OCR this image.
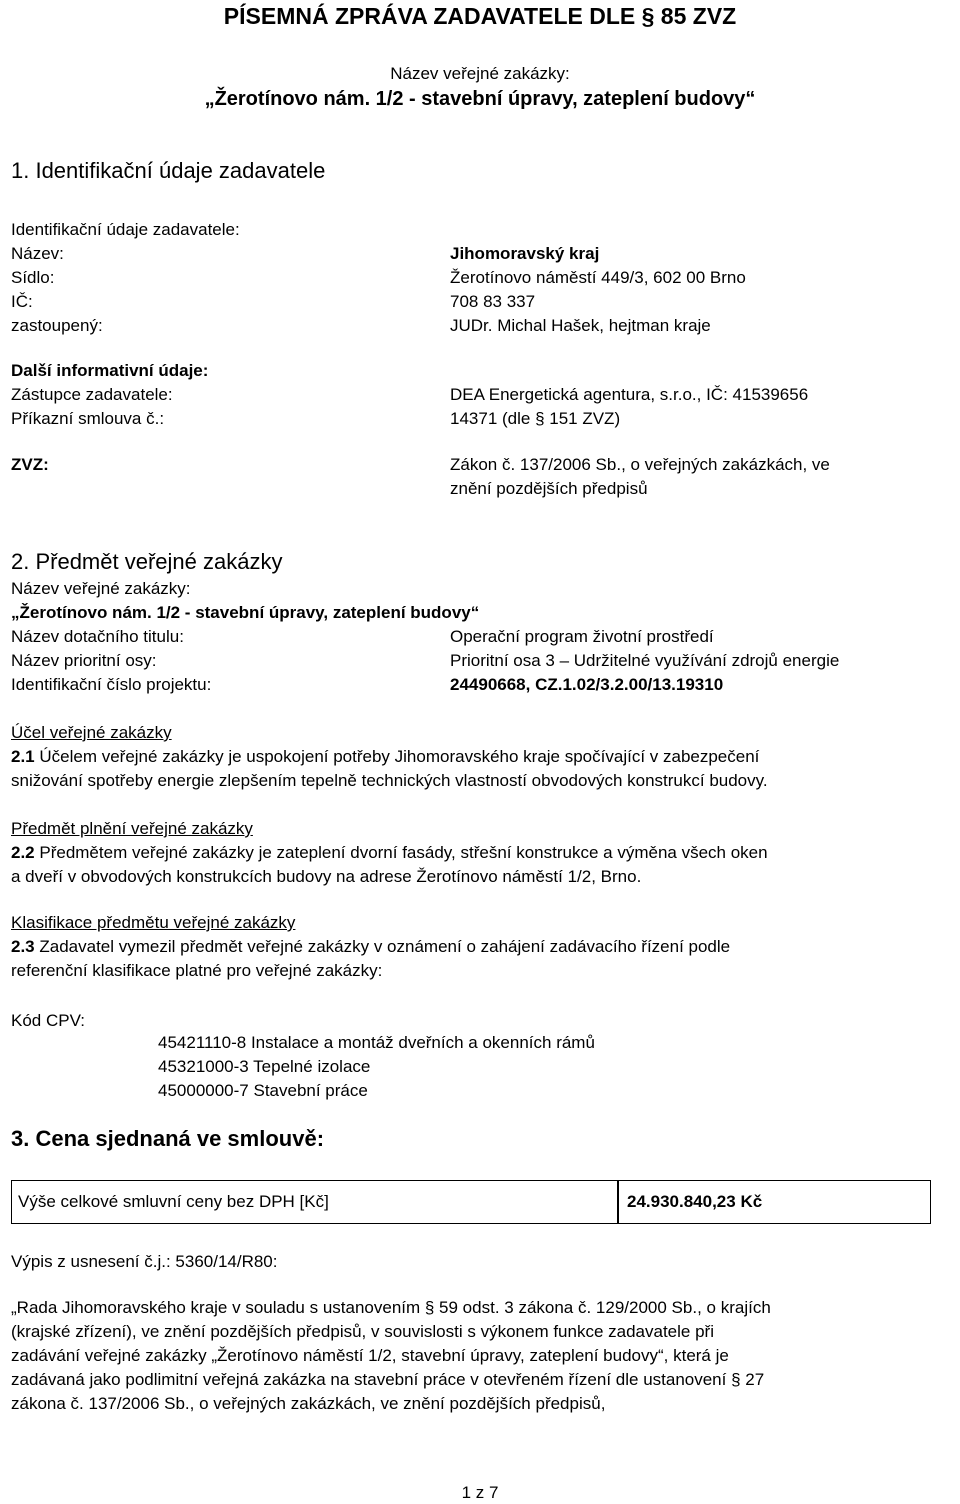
PÍSEMNÁ ZPRÁVA ZADAVATELE DLE § 85 ZVZ
Název veřejné zakázky:
„Žerotínovo nám. 1/2 - stavební úpravy, zateplení budovy“
1. Identifikační údaje zadavatele
Identifikační údaje zadavatele:
Název:	Jihomoravský kraj
Sídlo:	Žerotínovo náměstí 449/3, 602 00 Brno
IČ:	708 83 337
zastoupený:	JUDr. Michal Hašek, hejtman kraje
Další informativní údaje:
Zástupce zadavatele:	DEA Energetická agentura, s.r.o., IČ: 41539656
Příkazní smlouva č.:	14371 (dle § 151 ZVZ)
ZVZ:	Zákon č. 137/2006 Sb., o veřejných zakázkách, ve
znění pozdějších předpisů
2. Předmět veřejné zakázky
Název veřejné zakázky:
„Žerotínovo nám. 1/2 - stavební úpravy, zateplení budovy“
Název dotačního titulu:	Operační program životní prostředí
Název prioritní osy:	Prioritní osa 3 – Udržitelné využívání zdrojů energie
Identifikační číslo projektu:	24490668, CZ.1.02/3.2.00/13.19310
Účel veřejné zakázky
2.1 Účelem veřejné zakázky je uspokojení potřeby Jihomoravského kraje spočívající v zabezpečení
snižování spotřeby energie zlepšením tepelně technických vlastností obvodových konstrukcí budovy.
Předmět plnění veřejné zakázky
2.2 Předmětem veřejné zakázky je zateplení dvorní fasády, střešní konstrukce a výměna všech oken
a dveří v obvodových konstrukcích budovy na adrese Žerotínovo náměstí 1/2, Brno.
Klasifikace předmětu veřejné zakázky
2.3 Zadavatel vymezil předmět veřejné zakázky v oznámení o zahájení zadávacího řízení podle
referenční klasifikace platné pro veřejné zakázky:
Kód CPV:
45421110-8 Instalace a montáž dveřních a okenních rámů
45321000-3 Tepelné izolace
45000000-7 Stavební práce
3. Cena sjednaná ve smlouvě:
Výše celkové smluvní ceny bez DPH [Kč]	24.930.840,23 Kč
Výpis z usnesení č.j.: 5360/14/R80:
„Rada Jihomoravského kraje v souladu s ustanovením § 59 odst. 3 zákona č. 129/2000 Sb., o krajích
(krajské zřízení), ve znění pozdějších předpisů, v souvislosti s výkonem funkce zadavatele při
zadávání veřejné zakázky „Žerotínovo náměstí 1/2, stavební úpravy, zateplení budovy“, která je
zadávaná jako podlimitní veřejná zakázka na stavební práce v otevřeném řízení dle ustanovení § 27
zákona č. 137/2006 Sb., o veřejných zakázkách, ve znění pozdějších předpisů,
1 z 7
